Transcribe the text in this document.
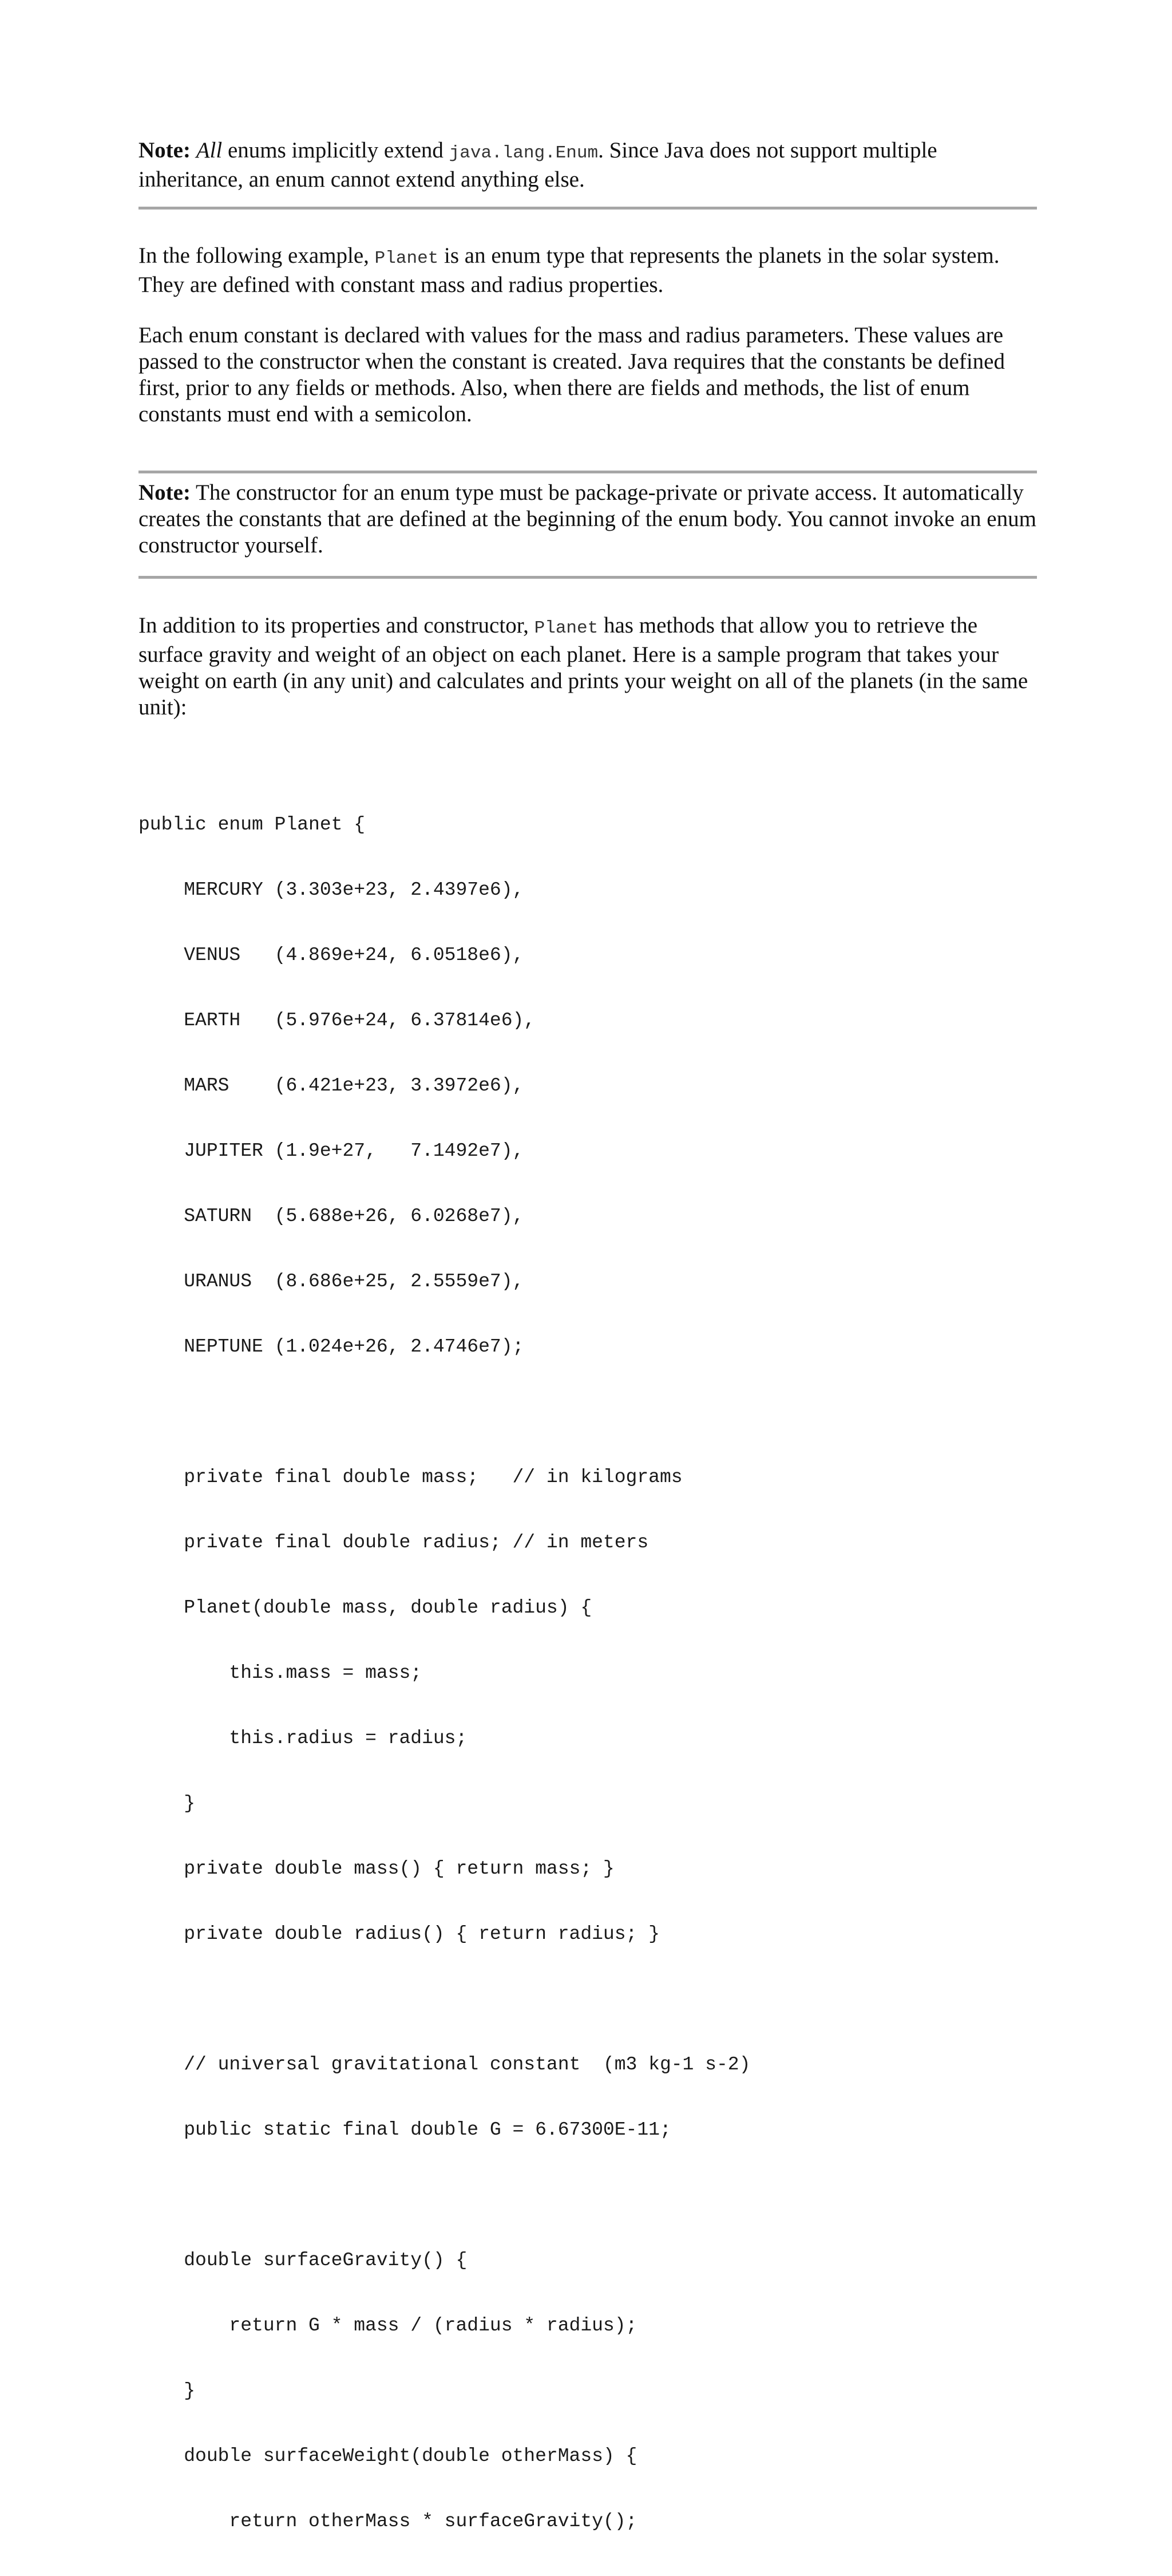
Note: All enums implicitly extend java.lang.Enum. Since Java does not support multiple inheritance, an enum cannot extend anything else.

In the following example, Planet is an enum type that represents the planets in the solar system. They are defined with constant mass and radius properties.

Each enum constant is declared with values for the mass and radius parameters. These values are passed to the constructor when the constant is created. Java requires that the constants be defined first, prior to any fields or methods. Also, when there are fields and methods, the list of enum constants must end with a semicolon.

Note: The constructor for an enum type must be package-private or private access. It automatically creates the constants that are defined at the beginning of the enum body. You cannot invoke an enum constructor yourself.

In addition to its properties and constructor, Planet has methods that allow you to retrieve the surface gravity and weight of an object on each planet. Here is a sample program that takes your weight on earth (in any unit) and calculates and prints your weight on all of the planets (in the same unit):

public enum Planet {

MERCURY (3.303e+23, 2.4397e6),

VENUS   (4.869e+24, 6.0518e6),

EARTH   (5.976e+24, 6.37814e6),

MARS    (6.421e+23, 3.3972e6),

JUPITER (1.9e+27,   7.1492e7),

SATURN  (5.688e+26, 6.0268e7),

URANUS  (8.686e+25, 2.5559e7),

NEPTUNE (1.024e+26, 2.4746e7);

private final double mass;   // in kilograms

private final double radius; // in meters

Planet(double mass, double radius) {

this.mass = mass;

this.radius = radius;

}

private double mass() { return mass; }

private double radius() { return radius; }

// universal gravitational constant  (m3 kg-1 s-2)

public static final double G = 6.67300E-11;

double surfaceGravity() {

return G * mass / (radius * radius);

}

double surfaceWeight(double otherMass) {

return otherMass * surfaceGravity();
